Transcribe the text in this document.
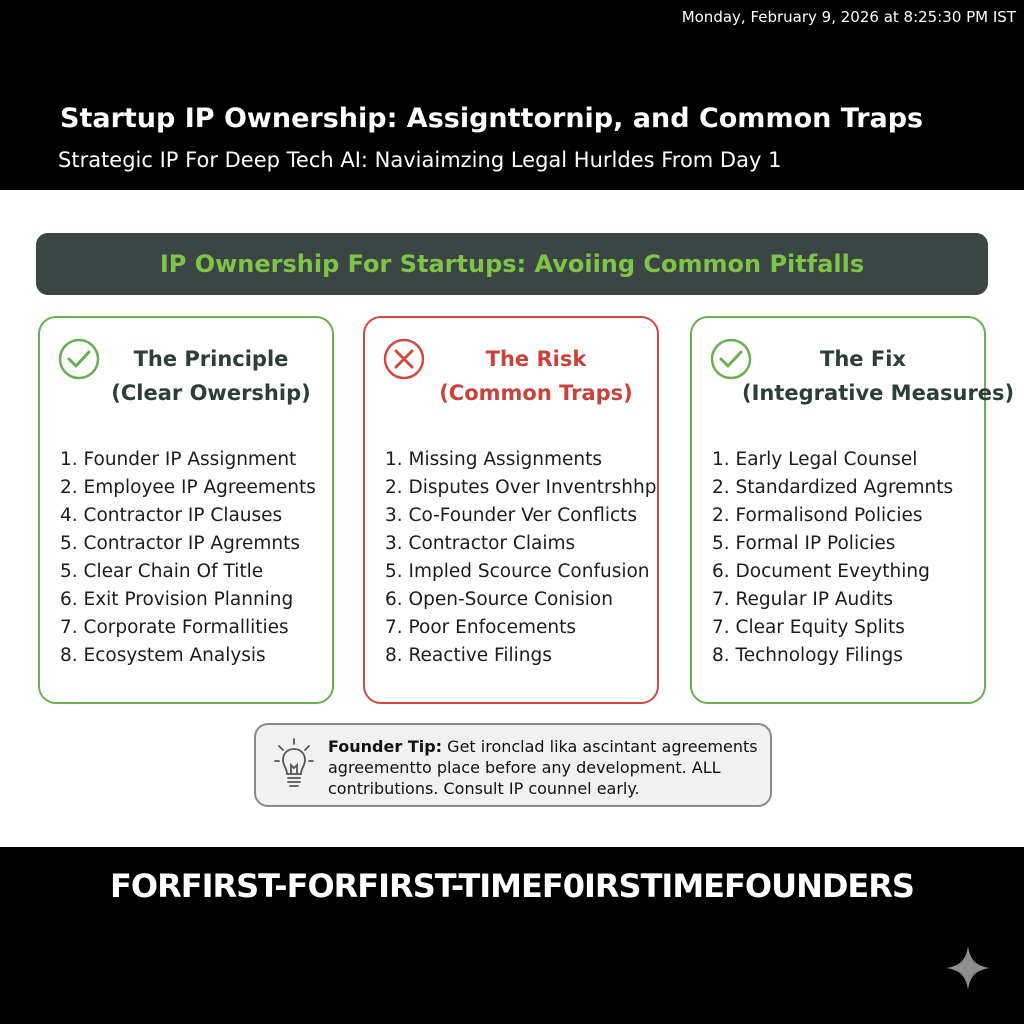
Monday, February 9, 2026 at 8:25:30 PM IST
Startup IP Ownership: Assignttornip, and Common Traps
Strategic IP For Deep Tech AI: Naviaimzing Legal Hurldes From Day 1
IP Ownership For Startups: Avoiing Common Pitfalls
The Principle
(Clear Owership)
1. Founder IP Assignment
2. Employee IP Agreements
4. Contractor IP Clauses
5. Contractor IP Agremnts
5. Clear Chain Of Title
6. Exit Provision Planning
7. Corporate Formallities
8. Ecosystem Analysis
The Risk
(Common Traps)
1. Missing Assignments
2. Disputes Over Inventrshhp
3. Co-Founder Ver Conflicts
3. Contractor Claims
5. Impled Scource Confusion
6. Open-Source Conision
7. Poor Enfocements
8. Reactive Filings
The Fix
(Integrative Measures)
1. Early Legal Counsel
2. Standardized Agremnts
2. Formalisond Policies
5. Formal IP Policies
6. Document Eveything
7. Regular IP Audits
7. Clear Equity Splits
8. Technology Filings
Founder Tip: Get ironclad lika ascintant agreements agreementto place before any development. ALL contributions. Consult IP counnel early.
FORFIRST-FORFIRST-TIMEF0IRSTIMEFOUNDERS
